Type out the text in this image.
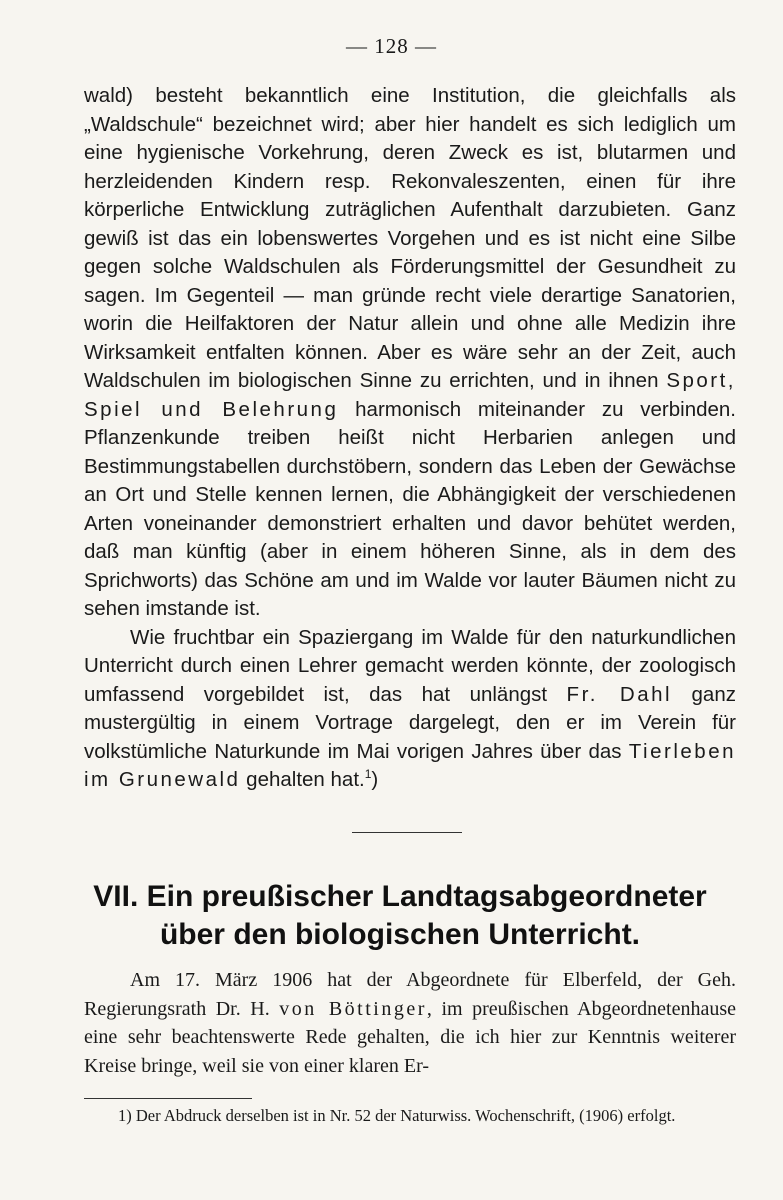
— 128 —

wald) besteht bekanntlich eine Institution, die gleichfalls als „Waldschule“ bezeichnet wird; aber hier handelt es sich lediglich um eine hygienische Vorkehrung, deren Zweck es ist, blutarmen und herzleidenden Kindern resp. Rekonvaleszenten, einen für ihre körperliche Entwicklung zuträglichen Aufenthalt darzubieten. Ganz gewiß ist das ein lobenswertes Vorgehen und es ist nicht eine Silbe gegen solche Waldschulen als Förderungsmittel der Gesundheit zu sagen. Im Gegenteil — man gründe recht viele derartige Sanatorien, worin die Heilfaktoren der Natur allein und ohne alle Medizin ihre Wirksamkeit entfalten können. Aber es wäre sehr an der Zeit, auch Waldschulen im biologischen Sinne zu errichten, und in ihnen Sport, Spiel und Belehrung harmonisch miteinander zu verbinden. Pflanzenkunde treiben heißt nicht Herbarien anlegen und Bestimmungstabellen durchstöbern, sondern das Leben der Gewächse an Ort und Stelle kennen lernen, die Abhängigkeit der verschiedenen Arten voneinander demonstriert erhalten und davor behütet werden, daß man künftig (aber in einem höheren Sinne, als in dem des Sprichworts) das Schöne am und im Walde vor lauter Bäumen nicht zu sehen imstande ist.

Wie fruchtbar ein Spaziergang im Walde für den naturkundlichen Unterricht durch einen Lehrer gemacht werden könnte, der zoologisch umfassend vorgebildet ist, das hat unlängst Fr. Dahl ganz mustergültig in einem Vortrage dargelegt, den er im Verein für volkstümliche Naturkunde im Mai vorigen Jahres über das Tierleben im Grunewald gehalten hat.$^1$)

VII. Ein preußischer Landtagsabgeordneter über den biologischen Unterricht.

Am 17. März 1906 hat der Abgeordnete für Elberfeld, der Geh. Regierungsrath Dr. H. von Böttinger, im preußischen Abgeordnetenhause eine sehr beachtenswerte Rede gehalten, die ich hier zur Kenntnis weiterer Kreise bringe, weil sie von einer klaren Er-

1) Der Abdruck derselben ist in Nr. 52 der Naturwiss. Wochenschrift, (1906) erfolgt.
